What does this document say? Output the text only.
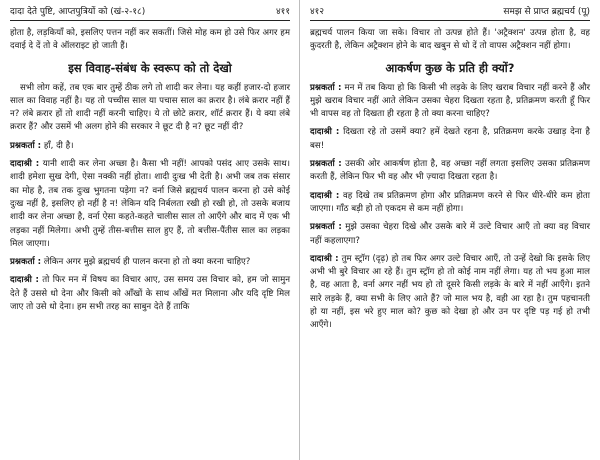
दादा देते पुष्टि, आप्तपुत्रियों को (खं-२-१८)	४११

होता है, लड़कियाँ को, इसलिए पत्तन नहीं कर सकतीं। जिसे मोह कम हो उसे फिर अगर हम दवाई दे दें तो वे ऑलराइट हो जाती हैं।

इस विवाह-संबंध के स्वरूप को तो देखो

सभी लोग कहें, तब एक बार तुम्हें ठीक लगे तो शादी कर लेना। यह कहीं हजार-दो हजार साल का विवाह नहीं है। यह तो पच्चीस साल या पचास साल का क़रार है। लंबे क़रार नहीं हैं न? लंबे क़रार हों तो शादी नहीं करनी चाहिए। ये तो छोटे क़रार, शॉर्ट क़रार हैं। ये क्या लंबे क़रार हैं? और उसमें भी अलग होने की सरकार ने छूट दी है न? छूट नहीं दी?

प्रश्नकर्ता : हाँ, दी है।

दादाश्री : यानी शादी कर लेना अच्छा है। कैसा भी नहीं! आपको पसंद आए उसके साथ। शादी हमेशा सुख देगी, ऐसा नक्की नहीं होता। शादी दुःख भी देती है। अभी जब तक संसार का मोह है, तब तक दुःख भुगतना पड़ेगा न? वर्ना जिसे ब्रह्मचर्य पालन करना हो उसे कोई दुःख नहीं है, इसलिए हो नहीं है न! लेकिन यदि निर्बलता रखी हो रखी हो, तो उसके बजाय शादी कर लेना अच्छा है, वर्ना ऐसा कहते-कहते चालीस साल तो आएँगे और बाद में एक भी लड़का नहीं मिलेगा। अभी तुम्हें तीस-बत्तीस साल हुए हैं, तो बत्तीस-पैंतीस साल का लड़का मिल जाएगा।

प्रश्नकर्ता : लेकिन अगर मुझे ब्रह्मचर्य ही पालन करना हो तो क्या करना चाहिए?

दादाश्री : तो फिर मन में विषय का विचार आए, उस समय उस विचार को, हम जो सामुन देते हैं उससे धो देना और किसी को आँखों के साथ आँखें मत मिलाना और यदि दृष्टि मिल जाए तो उसे धो देना। हम सभी तरह का साबुन देते हैं ताकि

४१२	समझ से प्राप्त ब्रह्मचर्य (पू)

ब्रह्मचर्य पालन किया जा सके। विचार तो उत्पन्न होते हैं। 'अट्रैक्शन' उत्पन्न होता है, वह कुदरती है, लेकिन अट्रैक्शन होने के बाद खबुन से धो दें तो वापस अट्रैक्शन नहीं होगा।

आकर्षण कुछ के प्रति ही क्यों?

प्रश्नकर्ता : मन में तब किया हो कि किसी भी लड़के के लिए खराब विचार नहीं करने हैं और मुझे खराब विचार नहीं आते लेकिन उसका चेहरा दिखता रहता है, प्रतिक्रमण करती हूँ फिर भी वापस वह तो दिखता ही रहता है तो क्या करना चाहिए?

दादाश्री : दिखता रहे तो उसमें क्या? हमें देखते रहना है, प्रतिक्रमण करके उखाड़ देना है बस!

प्रश्नकर्ता : उसकी ओर आकर्षण होता है, वह अच्छा नहीं लगता इसलिए उसका प्रतिक्रमण करती हैं, लेकिन फिर भी वह और भी ज़्यादा दिखता रहता है।

दादाश्री : वह दिखे तब प्रतिक्रमण होगा और प्रतिक्रमण करने से फिर धीरे-धीरे कम होता जाएगा। गाँठ बड़ी हो तो एकदम से कम नहीं होगा।

प्रश्नकर्ता : मुझे उसका चेहरा दिखे और उसके बारे में उल्टे विचार आएँ तो क्या वह विचार नहीं कहलाएगा?

दादाश्री : तुम स्ट्रॉग (दृढ़) हो तब फिर अगर उल्टे विचार आएँ, तो उन्हें देखो कि इसके लिए अभी भी बुरे विचार आ रहे हैं। तुम स्ट्रॉग हो तो कोई नाम नहीं लेगा। यह तो भय हुआ माल है, वह आता है, वर्ना अगर नहीं भय हो तो दूसरे किसी लड़के के बारे में नहीं आएँगे। इतने सारे लड़के हैं, क्या सभी के लिए आते हैं? जो माल भय है, वही आ रहा है। तुम पहचानती हो या नहीं, इस भरे हुए माल को? कुछ को देखा हो और उन पर दृष्टि पड़ गई हो तभी आएँगे।
